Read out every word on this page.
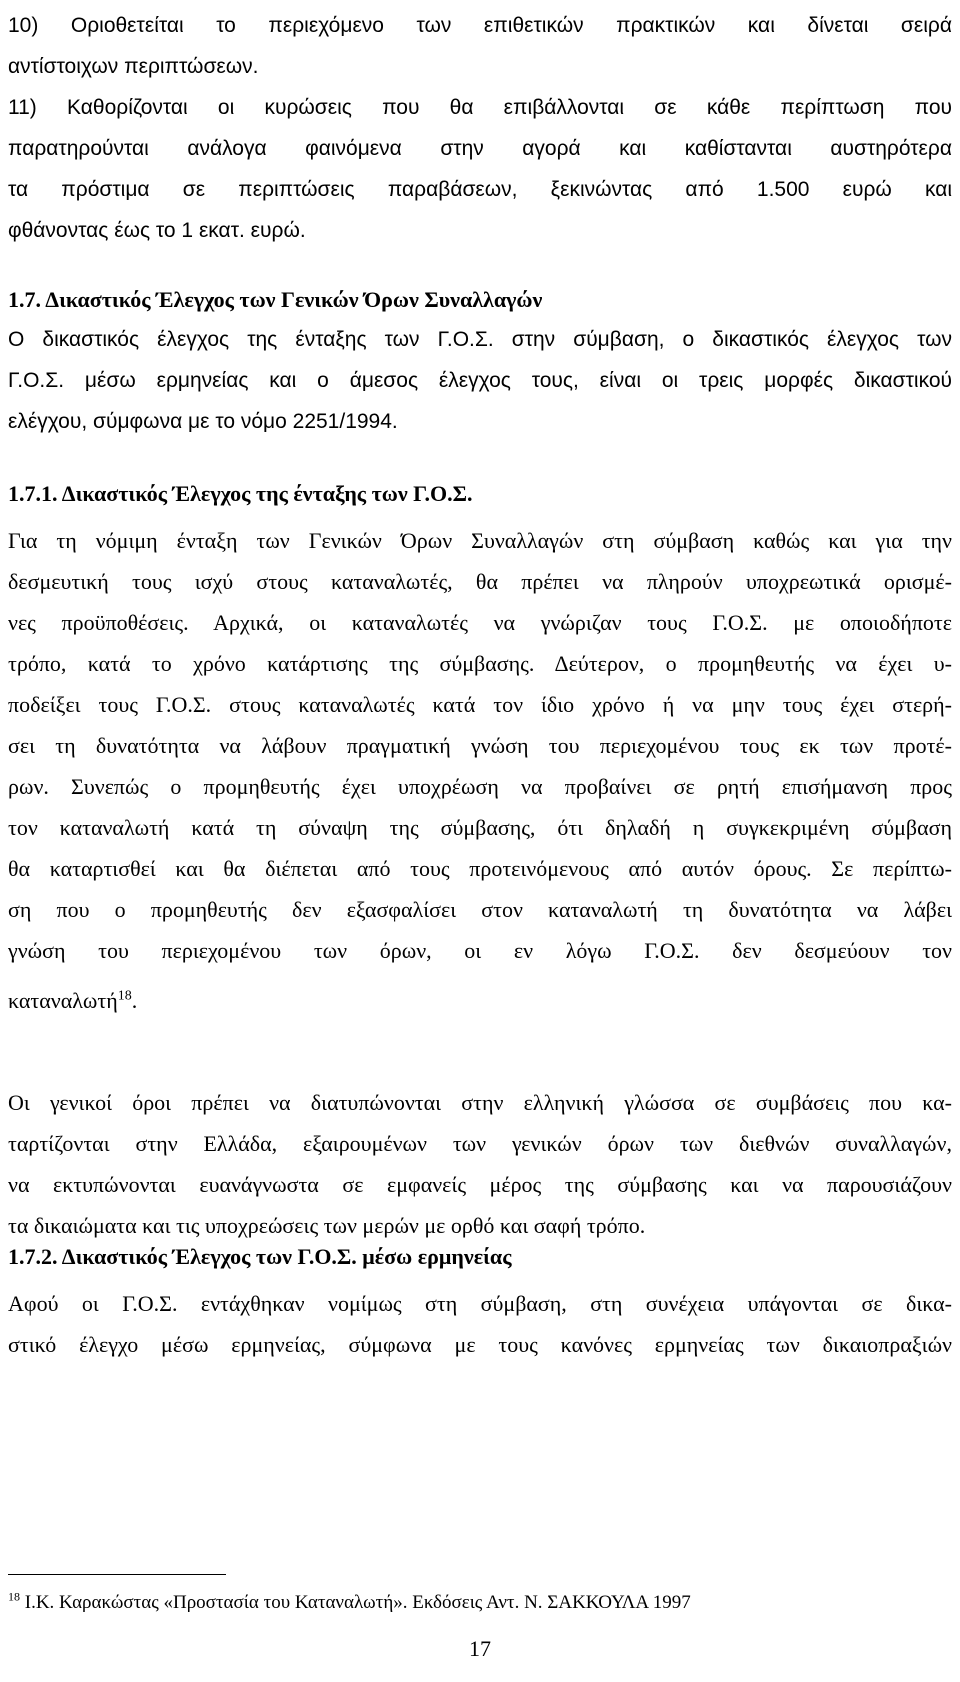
10) Οριοθετείται το περιεχόμενο των επιθετικών πρακτικών και δίνεται σειρά
αντίστοιχων περιπτώσεων.
11) Καθορίζονται οι κυρώσεις που θα επιβάλλονται σε κάθε περίπτωση που
παρατηρούνται ανάλογα φαινόμενα στην αγορά και καθίστανται αυστηρότερα
τα πρόστιμα σε περιπτώσεις παραβάσεων, ξεκινώντας από 1.500 ευρώ και
φθάνοντας έως το 1 εκατ. ευρώ.
1.7. Δικαστικός Έλεγχος των Γενικών Όρων Συναλλαγών
Ο δικαστικός έλεγχος της ένταξης των Γ.Ο.Σ. στην σύμβαση, ο δικαστικός έλεγχος των
Γ.Ο.Σ. μέσω ερμηνείας και ο άμεσος έλεγχος τους, είναι οι τρεις μορφές δικαστικού
ελέγχου, σύμφωνα με το νόμο 2251/1994.
1.7.1. Δικαστικός Έλεγχος της ένταξης των Γ.Ο.Σ.
Για τη νόμιμη ένταξη των Γενικών Όρων Συναλλαγών στη σύμβαση καθώς και για την
δεσμευτική τους ισχύ στους καταναλωτές, θα πρέπει να πληρούν υποχρεωτικά ορισμέ-
νες προϋποθέσεις. Αρχικά, οι καταναλωτές να γνώριζαν τους Γ.Ο.Σ. με οποιοδήποτε
τρόπο, κατά το χρόνο κατάρτισης της σύμβασης. Δεύτερον, ο προμηθευτής να έχει υ-
ποδείξει τους Γ.Ο.Σ. στους καταναλωτές κατά τον ίδιο χρόνο ή να μην τους έχει στερή-
σει τη δυνατότητα να λάβουν πραγματική γνώση του περιεχομένου τους εκ των προτέ-
ρων. Συνεπώς ο προμηθευτής έχει υποχρέωση να προβαίνει σε ρητή επισήμανση προς
τον καταναλωτή κατά τη σύναψη της σύμβασης, ότι δηλαδή η συγκεκριμένη σύμβαση
θα καταρτισθεί και θα διέπεται από τους προτεινόμενους από αυτόν όρους. Σε περίπτω-
ση που ο προμηθευτής δεν εξασφαλίσει στον καταναλωτή τη δυνατότητα να λάβει
γνώση του περιεχομένου των όρων, οι εν λόγω Γ.Ο.Σ. δεν δεσμεύουν τον
καταναλωτή$^{18}$.
Οι γενικοί όροι πρέπει να διατυπώνονται στην ελληνική γλώσσα σε συμβάσεις που κα-
ταρτίζονται στην Ελλάδα, εξαιρουμένων των γενικών όρων των διεθνών συναλλαγών,
να εκτυπώνονται ευανάγνωστα σε εμφανείς μέρος της σύμβασης και να παρουσιάζουν
τα δικαιώματα και τις υποχρεώσεις των μερών με ορθό και σαφή τρόπο.
1.7.2. Δικαστικός Έλεγχος των Γ.Ο.Σ. μέσω ερμηνείας
Αφού οι Γ.Ο.Σ. εντάχθηκαν νομίμως στη σύμβαση, στη συνέχεια υπάγονται σε δικα-
στικό έλεγχο μέσω ερμηνείας, σύμφωνα με τους κανόνες ερμηνείας των δικαιοπραξιών
$^{18}$ Ι.Κ. Καρακώστας «Προστασία του Καταναλωτή». Εκδόσεις Αντ. Ν. ΣΑΚΚΟΥΛΑ 1997
17
